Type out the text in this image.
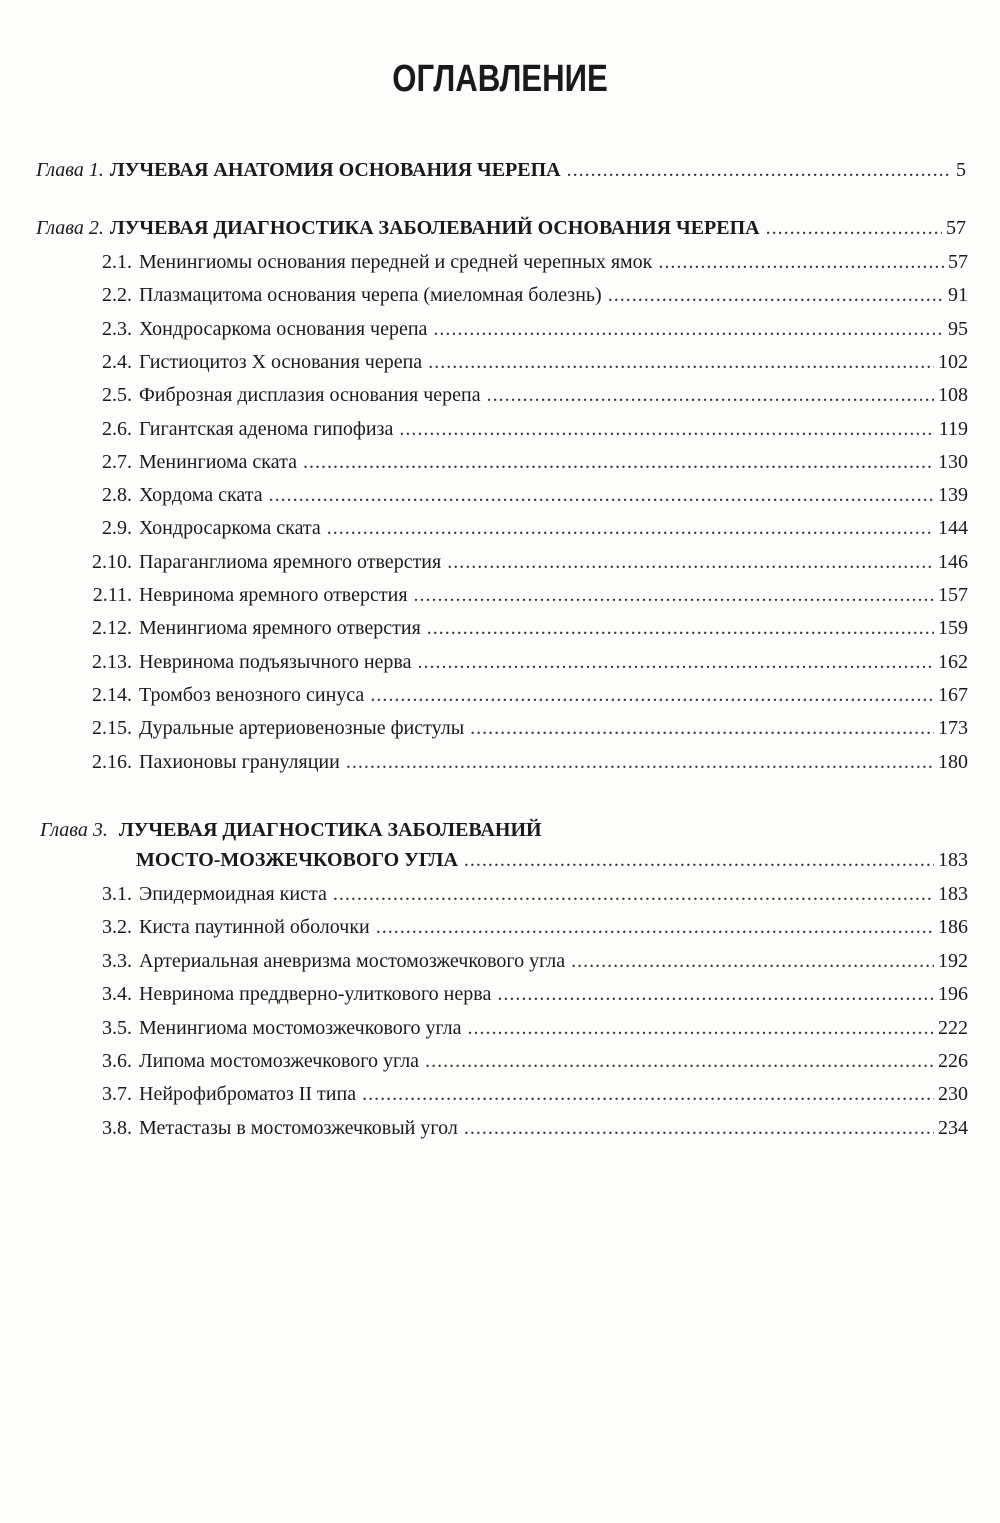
ОГЛАВЛЕНИЕ
Глава 1. ЛУЧЕВАЯ АНАТОМИЯ ОСНОВАНИЯ ЧЕРЕПА .....	5
Глава 2. ЛУЧЕВАЯ ДИАГНОСТИКА ЗАБОЛЕВАНИЙ ОСНОВАНИЯ ЧЕРЕПА .....	57
2.1. Менингиомы основания передней и средней черепных ямок .....	57
2.2. Плазмацитома основания черепа (миеломная болезнь) .....	91
2.3. Хондросаркома основания черепа .....	95
2.4. Гистиоцитоз Х основания черепа .....	102
2.5. Фиброзная дисплазия основания черепа .....	108
2.6. Гигантская аденома гипофиза .....	119
2.7. Менингиома ската .....	130
2.8. Хордома ската .....	139
2.9. Хондросаркома ската .....	144
2.10. Параганглиома яремного отверстия .....	146
2.11. Невринома яремного отверстия .....	157
2.12. Менингиома яремного отверстия .....	159
2.13. Невринома подъязычного нерва .....	162
2.14. Тромбоз венозного синуса .....	167
2.15. Дуральные артериовенозные фистулы .....	173
2.16. Пахионовы грануляции .....	180
Глава 3. ЛУЧЕВАЯ ДИАГНОСТИКА ЗАБОЛЕВАНИЙ
МОСТО-МОЗЖЕЧКОВОГО УГЛА .....	183
3.1. Эпидермоидная киста .....	183
3.2. Киста паутинной оболочки .....	186
3.3. Артериальная аневризма мостомозжечкового угла .....	192
3.4. Невринома преддверно-улиткового нерва .....	196
3.5. Менингиома мостомозжечкового угла .....	222
3.6. Липома мостомозжечкового угла .....	226
3.7. Нейрофиброматоз II типа .....	230
3.8. Метастазы в мостомозжечковый угол .....	234
